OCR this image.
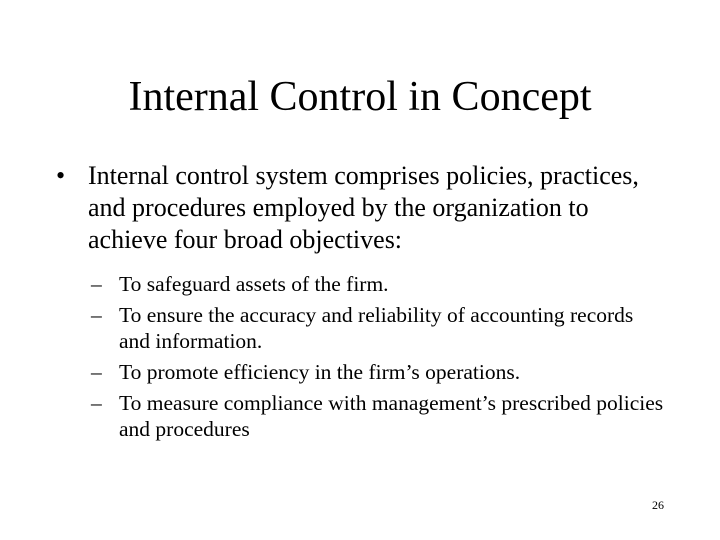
Internal Control in Concept

• Internal control system comprises policies, practices, and procedures employed by the organization to achieve four broad objectives:

– To safeguard assets of the firm.
– To ensure the accuracy and reliability of accounting records and information.
– To promote efficiency in the firm’s operations.
– To measure compliance with management’s prescribed policies and procedures
26
